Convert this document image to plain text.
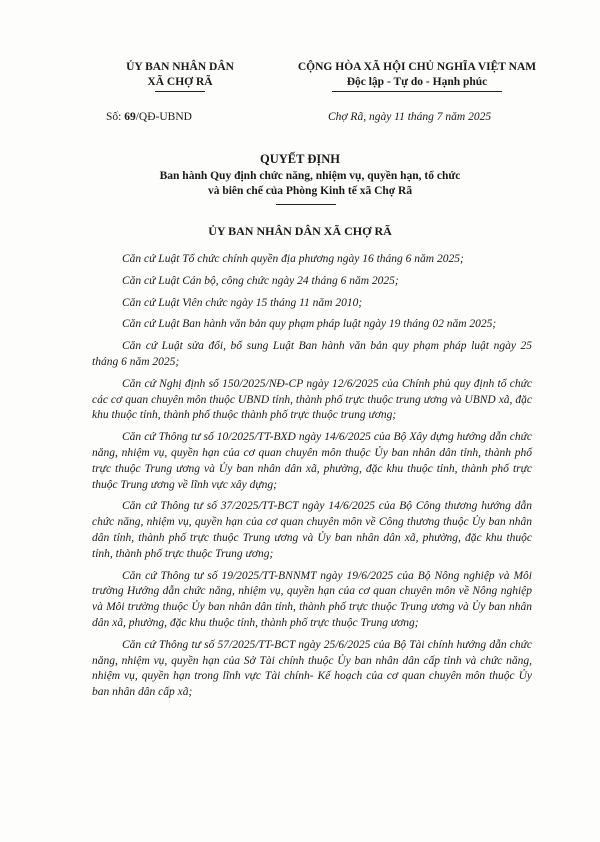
ỦY BAN NHÂN DÂN
XÃ CHỢ RÃ
CỘNG HÒA XÃ HỘI CHỦ NGHĨA VIỆT NAM
Độc lập - Tự do - Hạnh phúc
Số: 69/QĐ-UBND	Chợ Rã, ngày 11 tháng 7 năm 2025
QUYẾT ĐỊNH
Ban hành Quy định chức năng, nhiệm vụ, quyền hạn, tổ chức
và biên chế của Phòng Kinh tế xã Chợ Rã
ỦY BAN NHÂN DÂN XÃ CHỢ RÃ

Căn cứ Luật Tổ chức chính quyền địa phương ngày 16 tháng 6 năm 2025;

Căn cứ Luật Cán bộ, công chức ngày 24 tháng 6 năm 2025;

Căn cứ Luật Viên chức ngày 15 tháng 11 năm 2010;

Căn cứ Luật Ban hành văn bản quy phạm pháp luật ngày 19 tháng 02 năm 2025;

Căn cứ Luật sửa đổi, bổ sung Luật Ban hành văn bản quy phạm pháp luật ngày 25 tháng 6 năm 2025;

Căn cứ Nghị định số 150/2025/NĐ-CP ngày 12/6/2025 của Chính phủ quy định tổ chức các cơ quan chuyên môn thuộc UBND tỉnh, thành phố trực thuộc trung ương và UBND xã, đặc khu thuộc tỉnh, thành phố thuộc thành phố trực thuộc trung ương;

Căn cứ Thông tư số 10/2025/TT-BXD ngày 14/6/2025 của Bộ Xây dựng hướng dẫn chức năng, nhiệm vụ, quyền hạn của cơ quan chuyên môn thuộc Ủy ban nhân dân tỉnh, thành phố trực thuộc Trung ương và Ủy ban nhân dân xã, phường, đặc khu thuộc tỉnh, thành phố trực thuộc Trung ương về lĩnh vực xây dựng;

Căn cứ Thông tư số 37/2025/TT-BCT ngày 14/6/2025 của Bộ Công thương hướng dẫn chức năng, nhiệm vụ, quyền hạn của cơ quan chuyên môn về Công thương thuộc Ủy ban nhân dân tỉnh, thành phố trực thuộc Trung ương và Ủy ban nhân dân xã, phường, đặc khu thuộc tỉnh, thành phố trực thuộc Trung ương;

Căn cứ Thông tư số 19/2025/TT-BNNMT ngày 19/6/2025 của Bộ Nông nghiệp và Môi trường Hướng dẫn chức năng, nhiệm vụ, quyền hạn của cơ quan chuyên môn về Nông nghiệp và Môi trường thuộc Ủy ban nhân dân tỉnh, thành phố trực thuộc Trung ương và Ủy ban nhân dân xã, phường, đặc khu thuộc tỉnh, thành phố trực thuộc Trung ương;

Căn cứ Thông tư số 57/2025/TT-BCT ngày 25/6/2025 của Bộ Tài chính hướng dẫn chức năng, nhiệm vụ, quyền hạn của Sở Tài chính thuộc Ủy ban nhân dân cấp tỉnh và chức năng, nhiệm vụ, quyền hạn trong lĩnh vực Tài chính- Kế hoạch của cơ quan chuyên môn thuộc Ủy ban nhân dân cấp xã;
